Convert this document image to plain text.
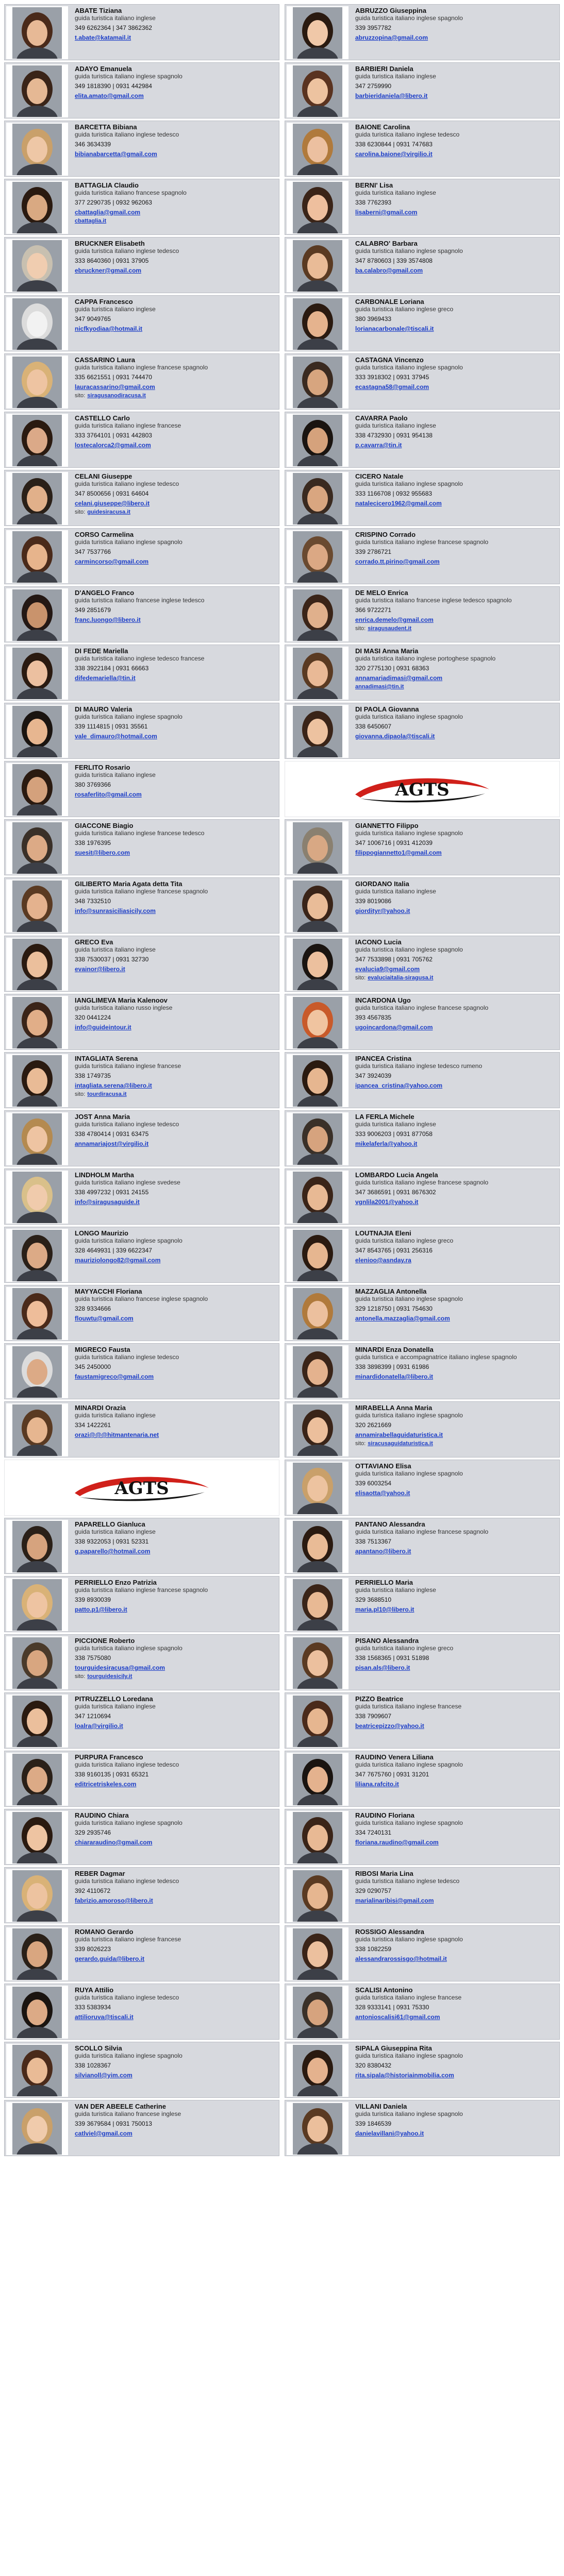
ABATE Tiziana
guida turistica italiano inglese
349 6262364 | 347 3862362
t.abate@katamail.it
ABRUZZO Giuseppina
guida turistica italiano inglese spagnolo
339 3957782
abruzzopina@gmail.com
ADAYO Emanuela
guida turistica italiano inglese spagnolo
349 1818390 | 0931 442984
elita.amato@gmail.com
BARBIERI Daniela
guida turistica italiano inglese
347 2759990
barbieridaniela@libero.it
BARCETTA Bibiana
guida turistica italiano inglese tedesco
346 3634339
bibianabarcetta@gmail.com
BAIONE Carolina
guida turistica italiano inglese tedesco
338 6230844 | 0931 747683
carolina.baione@virgilio.it
BATTAGLIA Claudio
guida turistica italiano francese spagnolo
377 2290735 | 0932 962063
cbattaglia@gmail.com
cbattaglia.it
BERNI' Lisa
guida turistica italiano inglese
338 7762393
lisaberni@gmail.com
BRUCKNER Elisabeth
guida turistica italiano inglese tedesco
333 8640360 | 0931 37905
ebruckner@gmail.com
CALABRO' Barbara
guida turistica italiano inglese spagnolo
347 8780603 | 339 3574808
ba.calabro@gmail.com
CAPPA Francesco
guida turistica italiano inglese
347 9049765
nicfkyodiaa@hotmail.it
CARBONALE Loriana
guida turistica italiano inglese greco
380 3969433
lorianacarbonale@tiscali.it
CASSARINO Laura
guida turistica italiano inglese francese spagnolo
335 6621551 | 0931 744470
lauracassarino@gmail.com
sito: siragusanodiracusa.it
CASTAGNA Vincenzo
guida turistica italiano inglese spagnolo
333 3918302 | 0931 37945
ecastagna58@gmail.com
CASTELLO Carlo
guida turistica italiano inglese francese
333 3764101 | 0931 442803
lostecalorca2@gmail.com
CAVARRA Paolo
guida turistica italiano inglese
338 4732930 | 0931 954138
p.cavarra@tin.it
CELANI Giuseppe
guida turistica italiano inglese tedesco
347 8500656 | 0931 64604
celani.giuseppe@libero.it
sito: guidesiracusa.it
CICERO Natale
guida turistica italiano inglese spagnolo
333 1166708 | 0932 955683
natalecicero1962@gmail.com
CORSO Carmelina
guida turistica italiano inglese spagnolo
347 7537766
carmincorso@gmail.com
CRISPINO Corrado
guida turistica italiano inglese francese spagnolo
339 2786721
corrado.tt.pirino@gmail.com
D'ANGELO Franco
guida turistica italiano francese inglese tedesco
349 2851679
franc.luongo@libero.it
DE MELO Enrica
guida turistica italiano francese inglese tedesco spagnolo
366 9722271
enrica.demelo@gmail.com
sito: siragusaudent.it
DI FEDE Mariella
guida turistica italiano inglese tedesco francese
338 3922184 | 0931 66663
difedemariella@tin.it
DI MASI Anna Maria
guida turistica italiano inglese portoghese spagnolo
320 2775130 | 0931 68363
annamariadimasi@gmail.com
annadimasi@tin.it
DI MAURO Valeria
guida turistica italiano inglese spagnolo
339 1114815 | 0931 35561
vale_dimauro@hotmail.com
DI PAOLA Giovanna
guida turistica italiano inglese spagnolo
338 6450607
giovanna.dipaola@tiscali.it
FERLITO Rosario
guida turistica italiano inglese
380 3769366
rosaferlito@gmail.com	AGTS
GIACCONE Biagio
guida turistica italiano inglese francese tedesco
338 1976395
suesit@libero.com
GIANNETTO Filippo
guida turistica italiano inglese spagnolo
347 1006716 | 0931 412039
filippogiannetto1@gmail.com
GILIBERTO Maria Agata detta Tita
guida turistica italiano inglese francese spagnolo
348 7332510
info@sunrasiciliasicily.com
GIORDANO Italia
guida turistica italiano inglese
339 8019086
giordityr@yahoo.it
GRECO Eva
guida turistica italiano inglese
338 7530037 | 0931 32730
evainor@libero.it
IACONO Lucia
guida turistica italiano inglese spagnolo
347 7533898 | 0931 705762
evalucia9@gmail.com
sito: evaluciaitalia-siragusa.it
IANGLIMEVA Maria Kalenoov
guida turistica italiano russo inglese
320 0441224
info@guideintour.it
INCARDONA Ugo
guida turistica italiano inglese francese spagnolo
393 4567835
ugoincardona@gmail.com
INTAGLIATA Serena
guida turistica italiano inglese francese
338 1749735
intagliata.serena@libero.it
sito: tourdiracusa.it
IPANCEA Cristina
guida turistica italiano inglese tedesco rumeno
347 3924039
ipancea_cristina@yahoo.com
JOST Anna Maria
guida turistica italiano inglese tedesco
338 4780414 | 0931 63475
annamariajost@virgilio.it
LA FERLA Michele
guida turistica italiano inglese
333 9006203 | 0931 877058
mikelaferla@yahoo.it
LINDHOLM Martha
guida turistica italiano inglese svedese
338 4997232 | 0931 24155
info@siragusaguide.it
LOMBARDO Lucia Angela
guida turistica italiano inglese francese spagnolo
347 3686591 | 0931 8676302
vgnlila2001@yahoo.it
LONGO Maurizio
guida turistica italiano inglese spagnolo
328 4649931 | 339 6622347
mauriziolongo82@gmail.com
LOUTNAJIA Eleni
guida turistica italiano inglese greco
347 8543765 | 0931 256316
elenioo@asnday.ra
MAYYACCHI Floriana
guida turistica italiano francese inglese spagnolo
328 9334666
flouwtu@gmail.com
MAZZAGLIA Antonella
guida turistica italiano inglese spagnolo
329 1218750 | 0931 754630
antonella.mazzaglia@gmail.com
MIGRECO Fausta
guida turistica italiano inglese tedesco
345 2450000
faustamigreco@gmail.com
MINARDI Enza Donatella
guida turistica e accompagnatrice italiano inglese spagnolo
338 3898399 | 0931 61986
minardidonatella@libero.it
MINARDI Orazia
guida turistica italiano inglese
334 1422261
orazi@@@hitmantenaria.net
MIRABELLA Anna Maria
guida turistica italiano inglese spagnolo
320 2621669
annamirabellaguidaturistica.it
sito: siracusaguidaturistica.it
AGTS
OTTAVIANO Elisa
guida turistica italiano inglese spagnolo
339 6003254
elisaotta@yahoo.it
PAPARELLO Gianluca
guida turistica italiano inglese
338 9322053 | 0931 52331
g.paparello@hotmail.com
PANTANO Alessandra
guida turistica italiano inglese francese spagnolo
338 7513367
apantano@libero.it
PERRIELLO Enzo Patrizia
guida turistica italiano inglese francese spagnolo
339 8930039
patto.p1@libero.it
PERRIELLO Maria
guida turistica italiano inglese
329 3688510
maria.pl10@libero.it
PICCIONE Roberto
guida turistica italiano inglese spagnolo
338 7575080
tourguidesiracusa@gmail.com
sito: tourguidesicily.it
PISANO Alessandra
guida turistica italiano inglese greco
338 1568365 | 0931 51898
pisan.als@libero.it
PITRUZZELLO Loredana
guida turistica italiano inglese
347 1210694
loalra@virgilio.it
PIZZO Beatrice
guida turistica italiano inglese francese
338 7909607
beatricepizzo@yahoo.it
PURPURA Francesco
guida turistica italiano inglese tedesco
338 9160135 | 0931 65321
editricetriskeles.com
RAUDINO Venera Liliana
guida turistica italiano inglese spagnolo
347 7675760 | 0931 31201
liliana.rafcito.it
RAUDINO Chiara
guida turistica italiano inglese spagnolo
329 2935746
chiararaudino@gmail.com
RAUDINO Floriana
guida turistica italiano inglese spagnolo
334 7240131
floriana.raudino@gmail.com
REBER Dagmar
guida turistica italiano inglese tedesco
392 4110672
fabrizio.amoroso@libero.it
RIBOSI Maria Lina
guida turistica italiano inglese tedesco
329 0290757
marialinaribisi@gmail.com
ROMANO Gerardo
guida turistica italiano inglese francese
339 8026223
gerardo.guida@libero.it
ROSSIGO Alessandra
guida turistica italiano inglese spagnolo
338 1082259
alessandrarossisgo@hotmail.it
RUYA Attilio
guida turistica italiano inglese tedesco
333 5383934
attilioruva@tiscali.it
SCALISI Antonino
guida turistica italiano inglese francese
328 9333141 | 0931 75330
antonioscalisi61@gmail.com
SCOLLO Silvia
guida turistica italiano inglese spagnolo
338 1028367
silvianoll@yim.com
SIPALA Giuseppina Rita
guida turistica italiano inglese spagnolo
320 8380432
rita.sipala@historiainmobilia.com
VAN DER ABEELE Catherine
guida turistica italiano francese inglese
339 3679584 | 0931 750013
catlviel@gmail.com
VILLANI Daniela
guida turistica italiano inglese spagnolo
339 1846539
danielavillani@yahoo.it
